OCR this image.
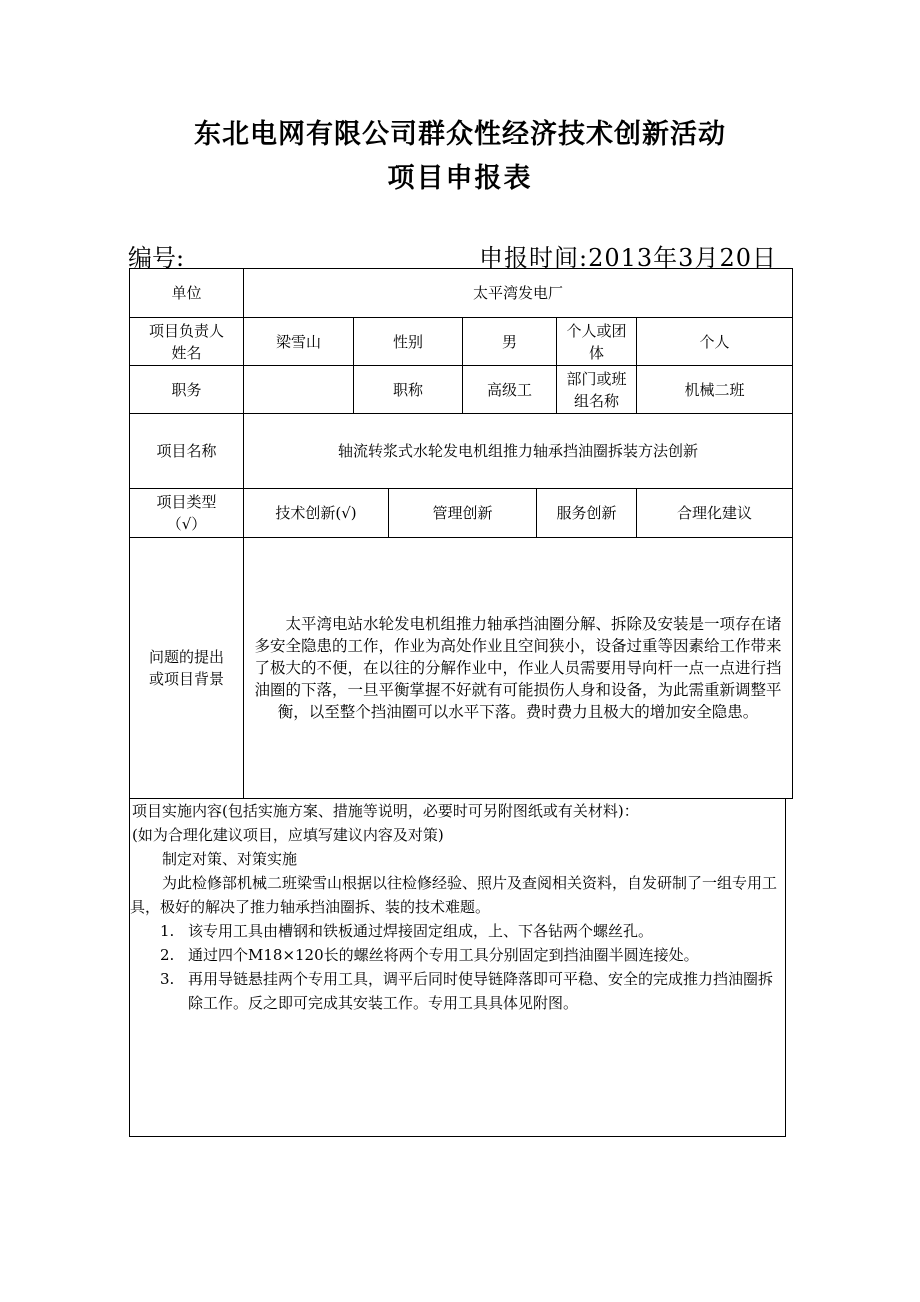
东北电网有限公司群众性经济技术创新活动
项目申报表
编号:	申报时间:2013年3月20日
单位	太平湾发电厂						
项目负责人姓名	梁雪山	性别		男		个人或团体	个人
职务		职称		高级工		部门或班组名称	机械二班
项目名称	轴流转浆式水轮发电机组推力轴承挡油圈拆装方法创新						
项目类型（√）	技术创新(√)		管理创新		服务创新		合理化建议
问题的提出或项目背景	太平湾电站水轮发电机组推力轴承挡油圈分解、拆除及安装是一项存在诸多安全隐患的工作，作业为高处作业且空间狭小，设备过重等因素给工作带来了极大的不便，在以往的分解作业中，作业人员需要用导向杆一点一点进行挡油圈的下落，一旦平衡掌握不好就有可能损伤人身和设备，为此需重新调整平衡，以至整个挡油圈可以水平下落。费时费力且极大的增加安全隐患。						
项目实施内容(包括实施方案、措施等说明，必要时可另附图纸或有关材料)：
(如为合理化建议项目，应填写建议内容及对策)
制定对策、对策实施
为此检修部机械二班梁雪山根据以往检修经验、照片及查阅相关资料，自发研制了一组专用工具，极好的解决了推力轴承挡油圈拆、装的技术难题。
1. 该专用工具由槽钢和铁板通过焊接固定组成，上、下各钻两个螺丝孔。
2. 通过四个M18×120长的螺丝将两个专用工具分别固定到挡油圈半圆连接处。
3. 再用导链悬挂两个专用工具，调平后同时使导链降落即可平稳、安全的完成推力挡油圈拆除工作。反之即可完成其安装工作。专用工具具体见附图。
